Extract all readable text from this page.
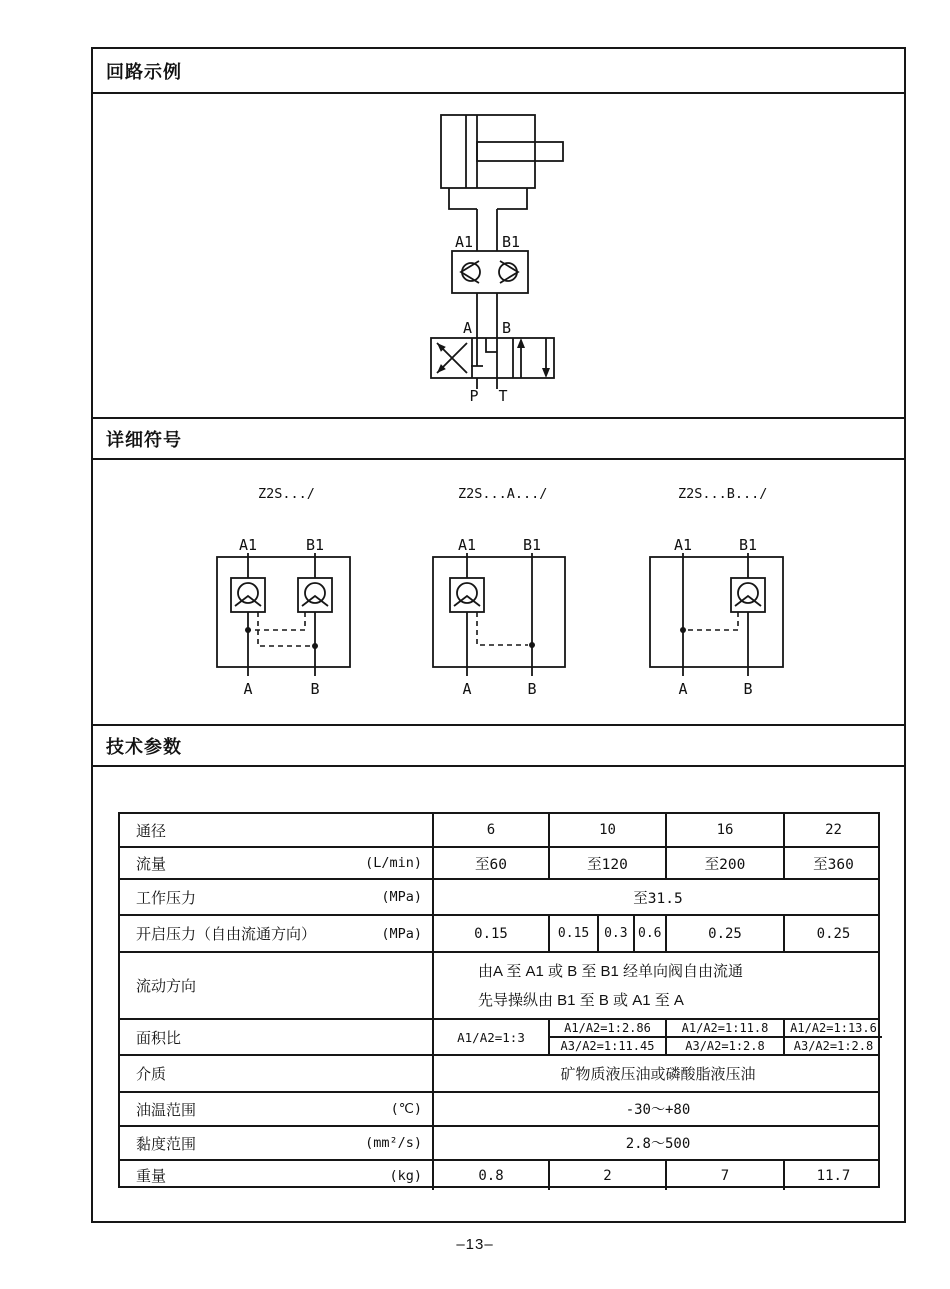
回路示例
详细符号
技术参数
A1 B1
A B
P T
Z2S.../	Z2S...A.../	Z2S...B.../
A1	B1
A	B
A1	B1
A	B
A1	B1
A	B
通径	6	10	16	22
流量	(L/min)	至60	至120	至200	至360
工作压力	(MPa)	至31.5
开启压力（自由流通方向）	(MPa)	0.15	0.15	0.3 0.6	0.25	0.25
流动方向
由A 至 A1 或 B 至 B1 经单向阀自由流通
先导操纵由 B1 至 B 或 A1 至 A
面积比	A1/A2=1:3	$\frac{A1/A2=1:2.86}{A3/A2=1:11.45} \frac{A1/A2=1:11.8}{A3/A2=1:2.8} \frac{A1/A2=1:13.6}{A3/A2=1:2.8}$
介质	矿物质液压油或磷酸脂液压油
油温范围	(℃)	-30～+80
黏度范围	(mm²/s)	2.8～500
重量	(kg)	0.8	2	7	11.7
–13–
